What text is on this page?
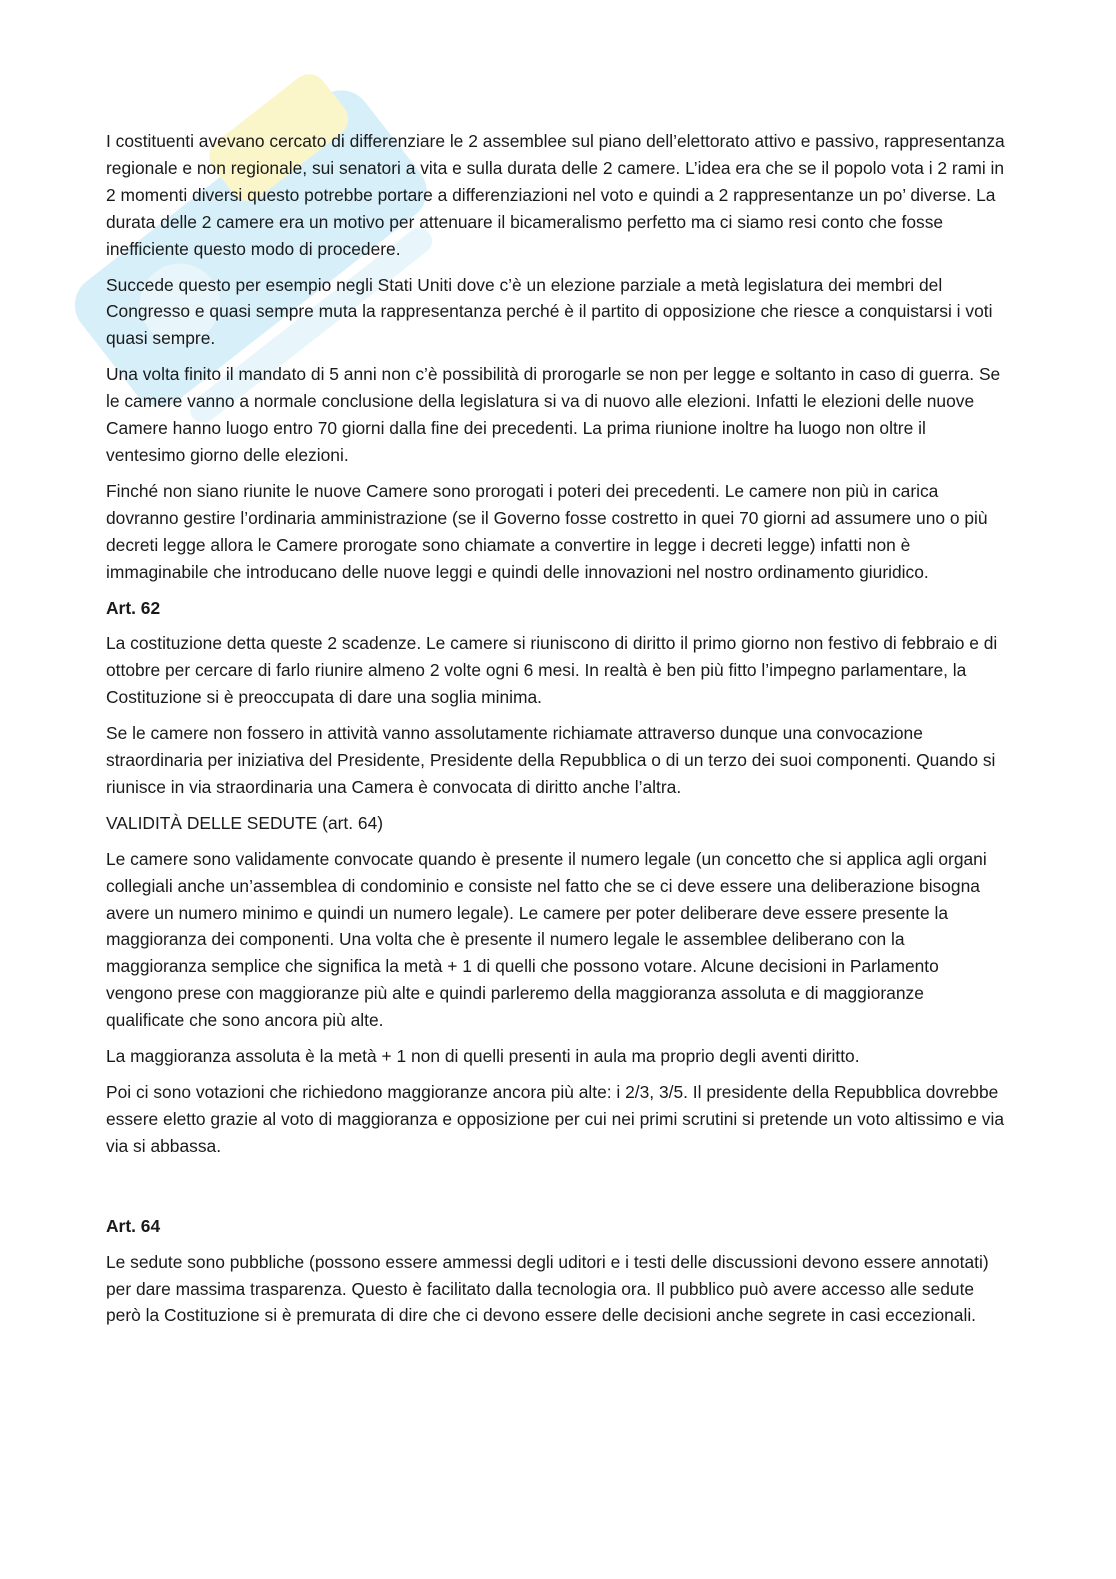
I costituenti avevano cercato di differenziare le 2 assemblee sul piano dell’elettorato attivo e passivo, rappresentanza regionale e non regionale, sui senatori a vita e sulla durata delle 2 camere. L’idea era che se il popolo vota i 2 rami in 2 momenti diversi questo potrebbe portare a differenziazioni nel voto e quindi a 2 rappresentanze un po’ diverse. La durata delle 2 camere era un motivo per attenuare il bicameralismo perfetto ma ci siamo resi conto che fosse inefficiente questo modo di procedere.

Succede questo per esempio negli Stati Uniti dove c’è un elezione parziale a metà legislatura dei membri del Congresso e quasi sempre muta la rappresentanza perché è il partito di opposizione che riesce a conquistarsi i voti quasi sempre.

Una volta finito il mandato di 5 anni non c’è possibilità di prorogarle se non per legge e soltanto in caso di guerra. Se le camere vanno a normale conclusione della legislatura si va di nuovo alle elezioni. Infatti le elezioni delle nuove Camere hanno luogo entro 70 giorni dalla fine dei precedenti. La prima riunione inoltre ha luogo non oltre il ventesimo giorno delle elezioni.

Finché non siano riunite le nuove Camere sono prorogati i poteri dei precedenti. Le camere non più in carica dovranno gestire l’ordinaria amministrazione (se il Governo fosse costretto in quei 70 giorni ad assumere uno o più decreti legge allora le Camere prorogate sono chiamate a convertire in legge i decreti legge) infatti non è immaginabile che introducano delle nuove leggi e quindi delle innovazioni nel nostro ordinamento giuridico.

Art. 62

La costituzione detta queste 2 scadenze. Le camere si riuniscono di diritto il primo giorno non festivo di febbraio e di ottobre per cercare di farlo riunire almeno 2 volte ogni 6 mesi. In realtà è ben più fitto l’impegno parlamentare, la Costituzione si è preoccupata di dare una soglia minima.

Se le camere non fossero in attività vanno assolutamente richiamate attraverso dunque una convocazione straordinaria per iniziativa del Presidente, Presidente della Repubblica o di un terzo dei suoi componenti. Quando si riunisce in via straordinaria una Camera è convocata di diritto anche l’altra.

VALIDITÀ DELLE SEDUTE (art. 64)

Le camere sono validamente convocate quando è presente il numero legale (un concetto che si applica agli organi collegiali anche un’assemblea di condominio e consiste nel fatto che se ci deve essere una deliberazione bisogna avere un numero minimo e quindi un numero legale). Le camere per poter deliberare deve essere presente la maggioranza dei componenti. Una volta che è presente il numero legale le assemblee deliberano con la maggioranza semplice che significa la metà + 1 di quelli che possono votare. Alcune decisioni in Parlamento vengono prese con maggioranze più alte e quindi parleremo della maggioranza assoluta e di maggioranze qualificate che sono ancora più alte.

La maggioranza assoluta è la metà + 1 non di quelli presenti in aula ma proprio degli aventi diritto.

Poi ci sono votazioni che richiedono maggioranze ancora più alte: i 2/3, 3/5. Il presidente della Repubblica dovrebbe essere eletto grazie al voto di maggioranza e opposizione per cui nei primi scrutini si pretende un voto altissimo e via via si abbassa.

Art. 64

Le sedute sono pubbliche (possono essere ammessi degli uditori e i testi delle discussioni devono essere annotati) per dare massima trasparenza. Questo è facilitato dalla tecnologia ora. Il pubblico può avere accesso alle sedute però la Costituzione si è premurata di dire che ci devono essere delle decisioni anche segrete in casi eccezionali.
